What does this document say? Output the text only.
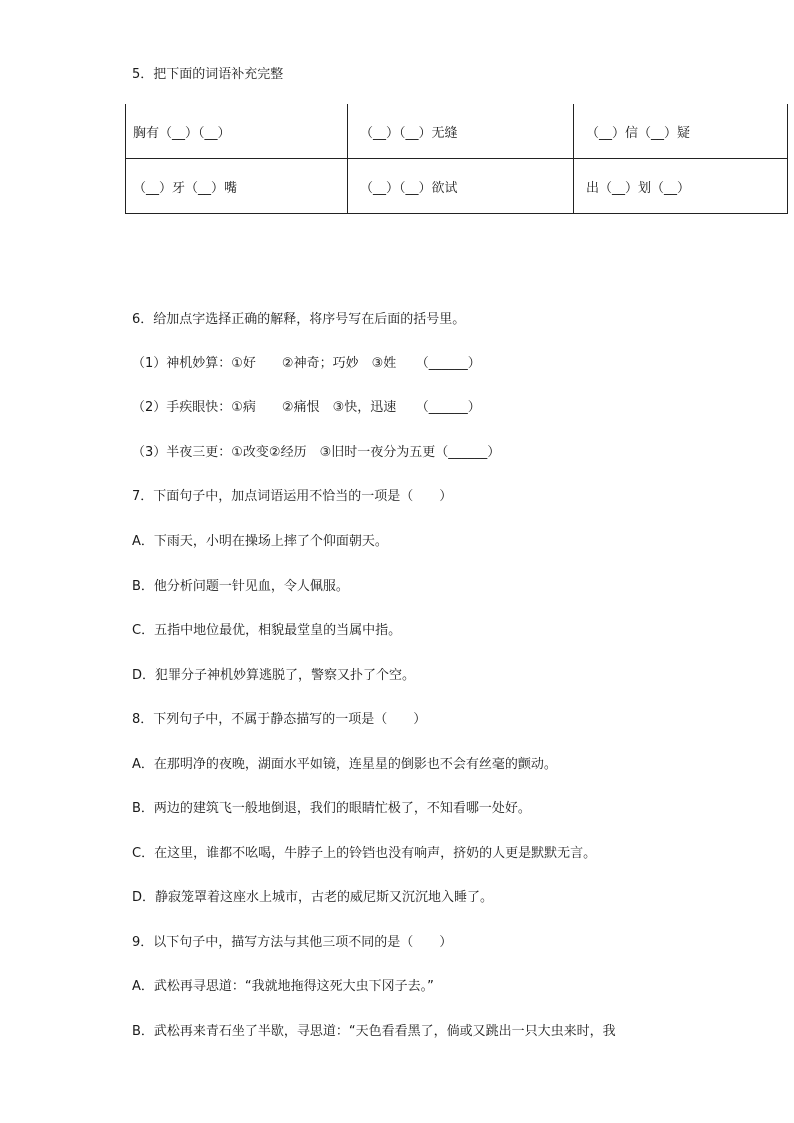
5．把下面的词语补充完整
胸有（__）（__）	（__）（__）无缝	（__）信（__）疑
（__）牙（__）嘴	（__）（__）欲试	出（__）划（__）
6．给加点字选择正确的解释，将序号写在后面的括号里。
（1）神机妙算：①好　　②神奇；巧妙　③姓　　（______）
（2）手疾眼快：①病　　②痛恨　③快，迅速　　（______）
（3）半夜三更：①改变②经历　③旧时一夜分为五更（______）
7．下面句子中，加点词语运用不恰当的一项是（　　）
A．下雨天，小明在操场上摔了个仰面朝天。
B．他分析问题一针见血，令人佩服。
C．五指中地位最优，相貌最堂皇的当属中指。
D．犯罪分子神机妙算逃脱了，警察又扑了个空。
8．下列句子中，不属于静态描写的一项是（　　）
A．在那明净的夜晚，湖面水平如镜，连星星的倒影也不会有丝毫的颤动。
B．两边的建筑飞一般地倒退，我们的眼睛忙极了，不知看哪一处好。
C．在这里，谁都不吆喝，牛脖子上的铃铛也没有响声，挤奶的人更是默默无言。
D．静寂笼罩着这座水上城市，古老的威尼斯又沉沉地入睡了。
9．以下句子中，描写方法与其他三项不同的是（　　）
A．武松再寻思道：“我就地拖得这死大虫下冈子去。”
B．武松再来青石坐了半歇，寻思道：“天色看看黑了，倘或又跳出一只大虫来时，我
